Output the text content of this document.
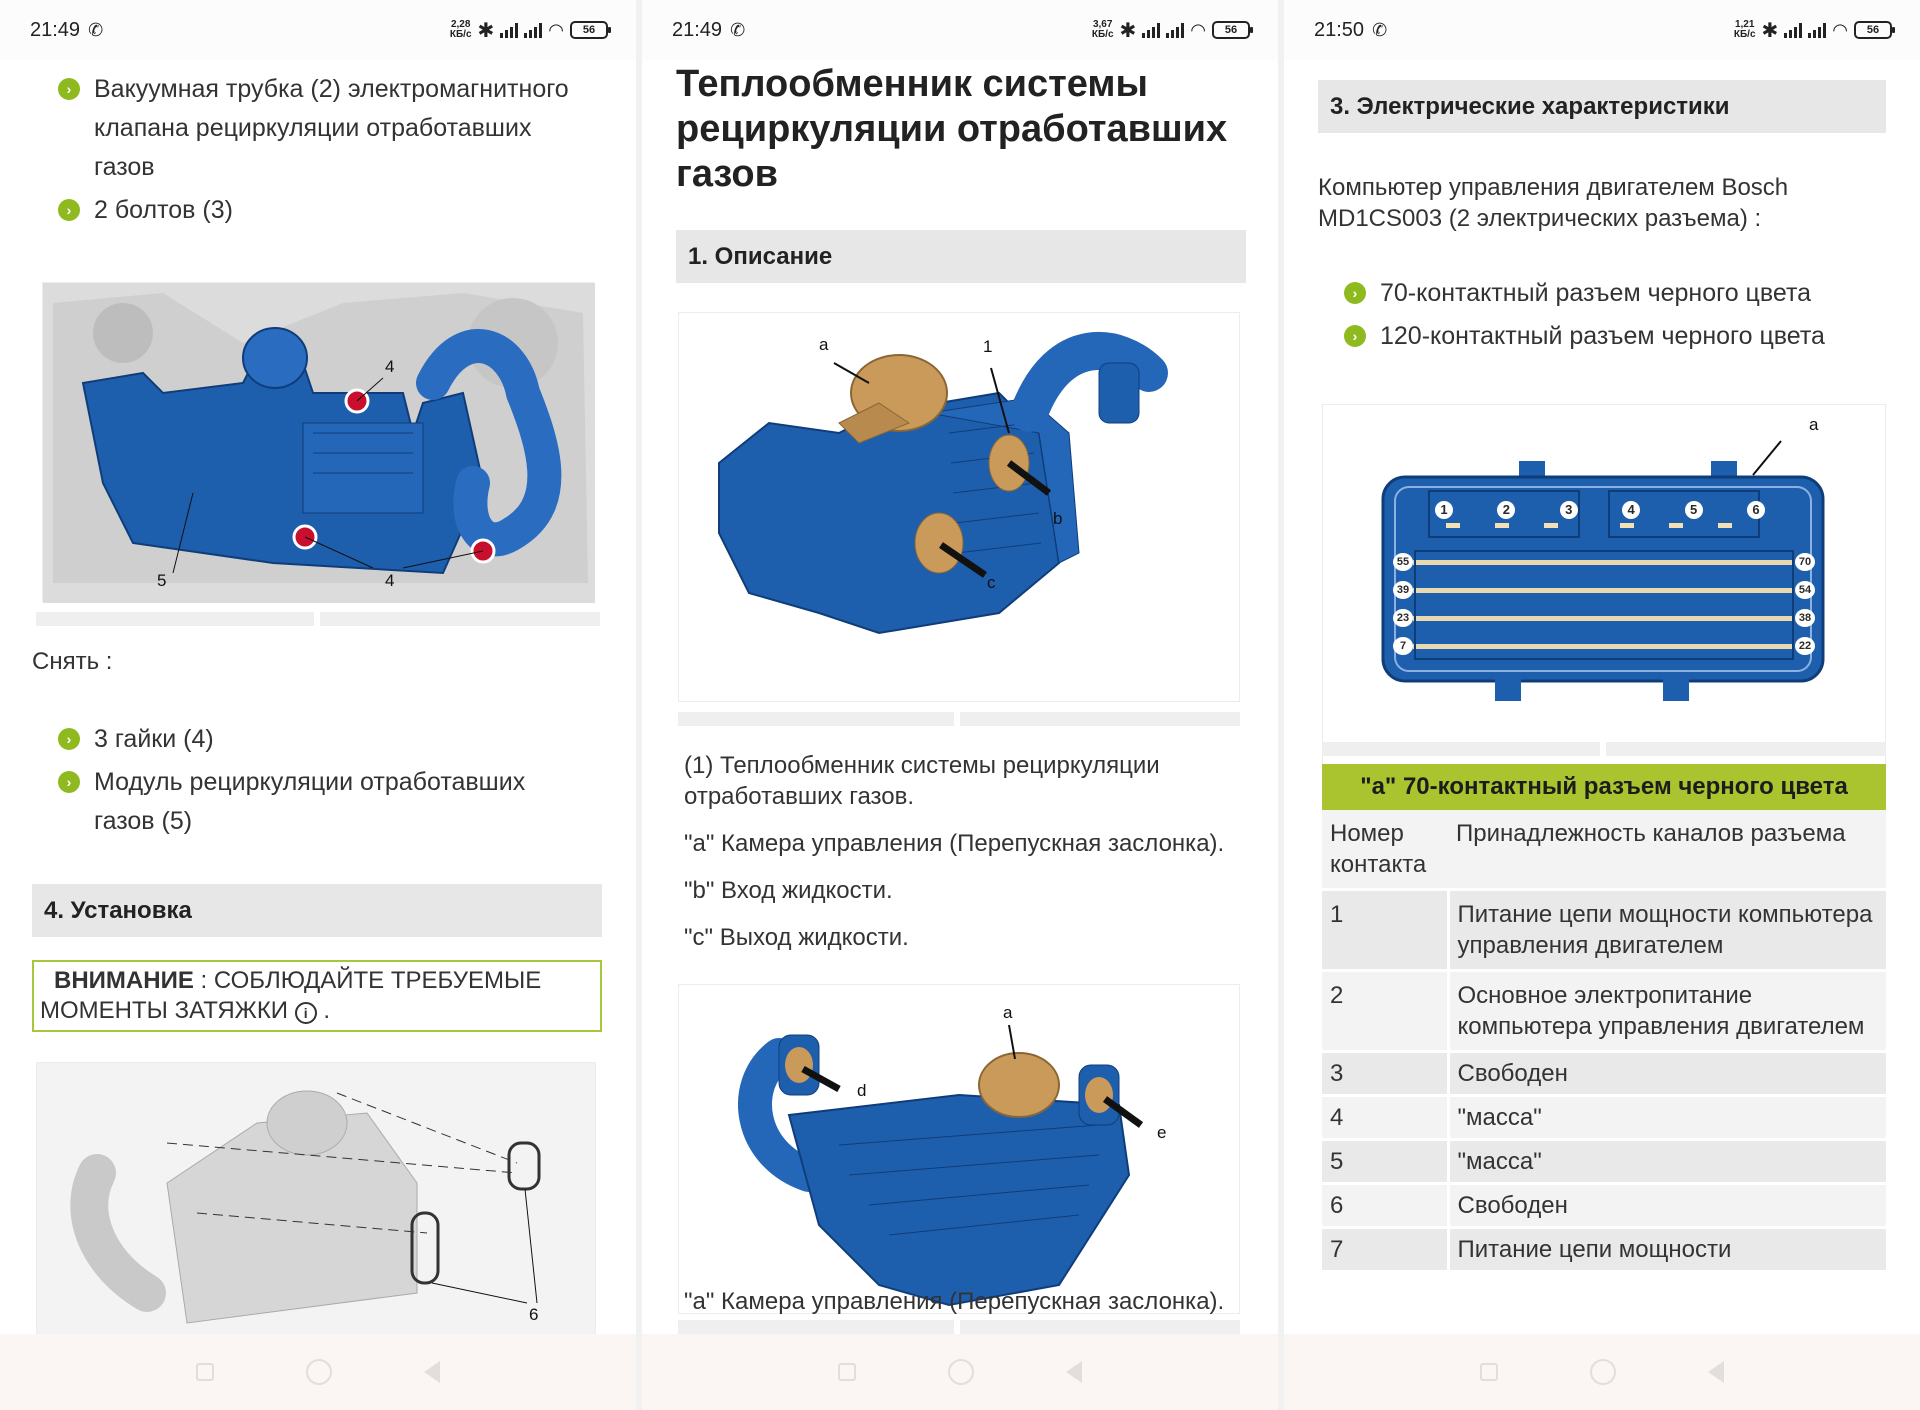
21:49 ✆	2,28
КБ/с ✱	◠	56
› Вакуумная трубка (2) электромагнитного клапана рециркуляции отработавших газов
› 2 болтов (3)
4
5	4
Снять :
› 3 гайки (4)
› Модуль рециркуляции отработавших газов (5)
4. Установка
ВНИМАНИЕ : СОБЛЮДАЙТЕ ТРЕБУЕМЫЕ МОМЕНТЫ ЗАТЯЖКИ i .
6
21:49 ✆	3,67
КБ/с ✱	◠	56
Теплообменник системы рециркуляции отработавших газов
1. Описание
a	1
b
c
(1) Теплообменник системы рециркуляции отработавших газов.
"a" Камера управления (Перепускная заслонка).
"b" Вход жидкости.
"c" Выход жидкости.
a
d
e
"a" Камера управления (Перепускная заслонка).
21:50 ✆	1,21
КБ/с ✱	◠	56
3. Электрические характеристики
Компьютер управления двигателем Bosch MD1CS003 (2 электрических разъема) :
› 70-контактный разъем черного цвета
› 120-контактный разъем черного цвета
a
1	2	3	4	5	6
55
39
23
7
70
54
38
22
"a" 70-контактный разъем черного цвета
Номер контакта	Принадлежность каналов разъема
1	Питание цепи мощности компьютера управления двигателем
2	Основное электропитание компьютера управления двигателем
3	Свободен
4	"масса"
5	"масса"
6	Свободен
7	Питание цепи мощности
